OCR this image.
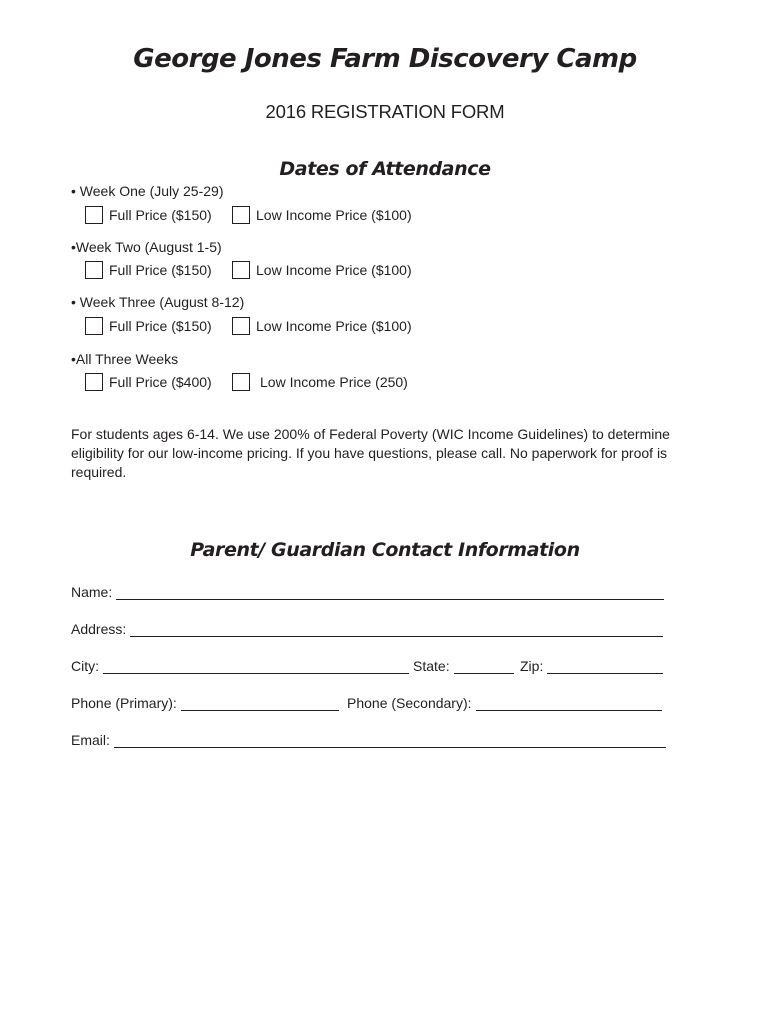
George Jones Farm Discovery Camp
2016 REGISTRATION FORM
Dates of Attendance
• Week One (July 25-29)
Full Price ($150)	Low Income Price ($100)
•Week Two (August 1-5)
Full Price ($150)	Low Income Price ($100)
• Week Three (August 8-12)
Full Price ($150)	Low Income Price ($100)
•All Three Weeks
Full Price ($400)	Low Income Price (250)
For students ages 6-14. We use 200% of Federal Poverty (WIC Income Guidelines) to determine eligibility for our low-income pricing. If you have questions, please call. No paperwork for proof is required.
Parent/ Guardian Contact Information
Name:
Address:
City:	State:	Zip:
Phone (Primary):	Phone (Secondary):
Email:
